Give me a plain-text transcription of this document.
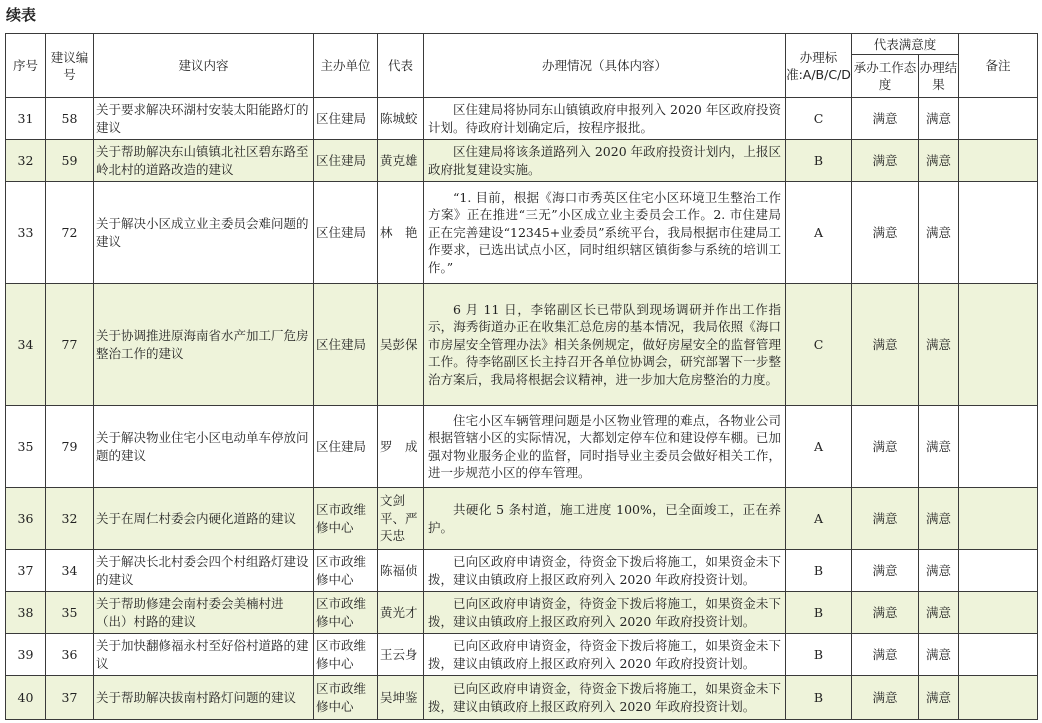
续表
序号	建议编号	建议内容	主办单位	代表	办理情况（具体内容）	办理标准:A/B/C/D	代表满意度		备注
							承办工作态度	办理结果	
31	58	关于要求解决环湖村安装太阳能路灯的建议	区住建局	陈城蛟	区住建局将协同东山镇镇政府申报列入 2020 年区政府投资计划。待政府计划确定后，按程序报批。	C	满意	满意	
32	59	关于帮助解决东山镇镇北社区碧东路至岭北村的道路改造的建议	区住建局	黄克雄	区住建局将该条道路列入 2020 年政府投资计划内，上报区政府批复建设实施。	B	满意	满意	
33	72	关于解决小区成立业主委员会难问题的建议	区住建局	林　艳	“1. 目前，根据《海口市秀英区住宅小区环境卫生整治工作方案》正在推进“三无”小区成立业主委员会工作。2. 市住建局正在完善建设“12345+业委员”系统平台，我局根据市住建局工作要求，已选出试点小区，同时组织辖区镇街参与系统的培训工作。”	A	满意	满意	
34	77	关于协调推进原海南省水产加工厂危房整治工作的建议	区住建局	吴彭保	6 月 11 日，李铭副区长已带队到现场调研并作出工作指示，海秀街道办正在收集汇总危房的基本情况，我局依照《海口市房屋安全管理办法》相关条例规定，做好房屋安全的监督管理工作。待李铭副区长主持召开各单位协调会，研究部署下一步整治方案后，我局将根据会议精神，进一步加大危房整治的力度。	C	满意	满意	
35	79	关于解决物业住宅小区电动单车停放问题的建议	区住建局	罗　成	住宅小区车辆管理问题是小区物业管理的难点，各物业公司根据管辖小区的实际情况，大都划定停车位和建设停车棚。已加强对物业服务企业的监督，同时指导业主委员会做好相关工作，进一步规范小区的停车管理。	A	满意	满意	
36	32	关于在周仁村委会内硬化道路的建议	区市政维修中心	文剑平、严天忠	共硬化 5 条村道，施工进度 100%，已全面竣工，正在养护。	A	满意	满意	
37	34	关于解决长北村委会四个村组路灯建设的建议	区市政维修中心	陈福侦	已向区政府申请资金，待资金下拨后将施工，如果资金未下拨，建议由镇政府上报区政府列入 2020 年政府投资计划。	B	满意	满意	
38	35	关于帮助修建会南村委会美楠村进（出）村路的建议	区市政维修中心	黄光才	已向区政府申请资金，待资金下拨后将施工，如果资金未下拨，建议由镇政府上报区政府列入 2020 年政府投资计划。	B	满意	满意	
39	36	关于加快翻修福永村至好俗村道路的建议	区市政维修中心	王云身	已向区政府申请资金，待资金下拨后将施工，如果资金未下拨，建议由镇政府上报区政府列入 2020 年政府投资计划。	B	满意	满意	
40	37	关于帮助解决拔南村路灯问题的建议	区市政维修中心	吴坤鉴	已向区政府申请资金，待资金下拨后将施工，如果资金未下拨，建议由镇政府上报区政府列入 2020 年政府投资计划。	B	满意	满意	
